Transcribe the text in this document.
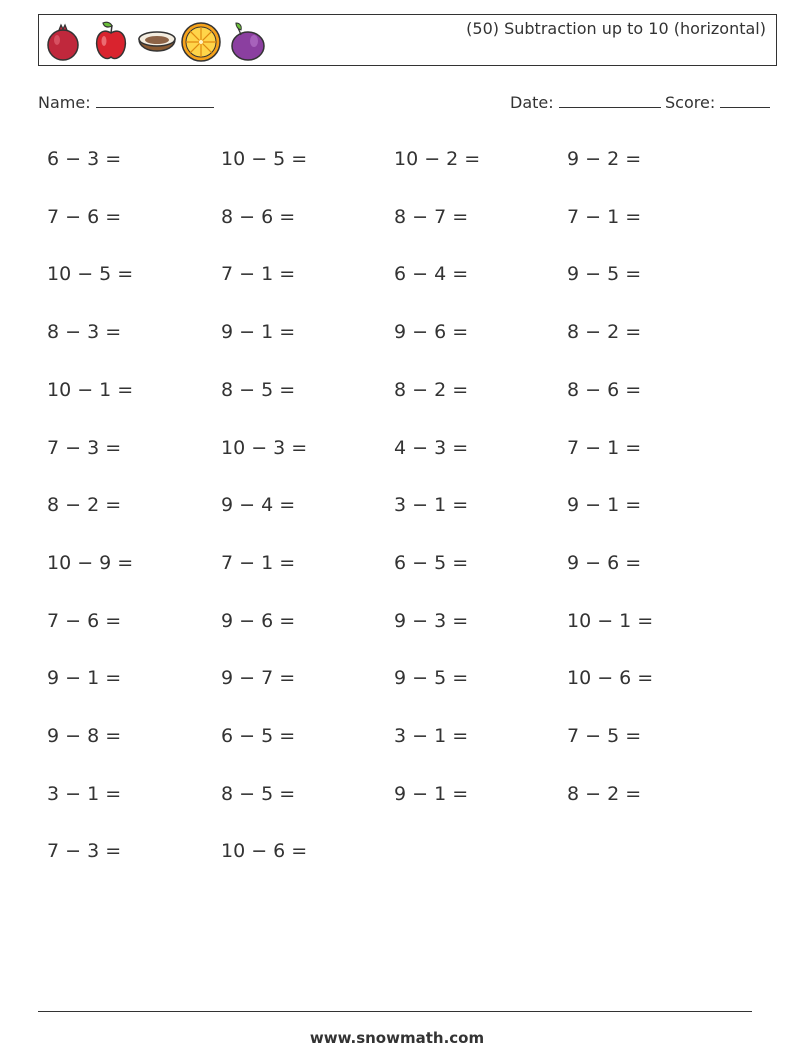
(50) Subtraction up to 10 (horizontal)
Name:	Date:	Score:
6 − 3 =	10 − 5 =	10 − 2 =	9 − 2 =
7 − 6 =	8 − 6 =	8 − 7 =	7 − 1 =
10 − 5 =	7 − 1 =	6 − 4 =	9 − 5 =
8 − 3 =	9 − 1 =	9 − 6 =	8 − 2 =
10 − 1 =	8 − 5 =	8 − 2 =	8 − 6 =
7 − 3 =	10 − 3 =	4 − 3 =	7 − 1 =
8 − 2 =	9 − 4 =	3 − 1 =	9 − 1 =
10 − 9 =	7 − 1 =	6 − 5 =	9 − 6 =
7 − 6 =	9 − 6 =	9 − 3 =	10 − 1 =
9 − 1 =	9 − 7 =	9 − 5 =	10 − 6 =
9 − 8 =	6 − 5 =	3 − 1 =	7 − 5 =
3 − 1 =	8 − 5 =	9 − 1 =	8 − 2 =
7 − 3 =	10 − 6 =
www.snowmath.com
